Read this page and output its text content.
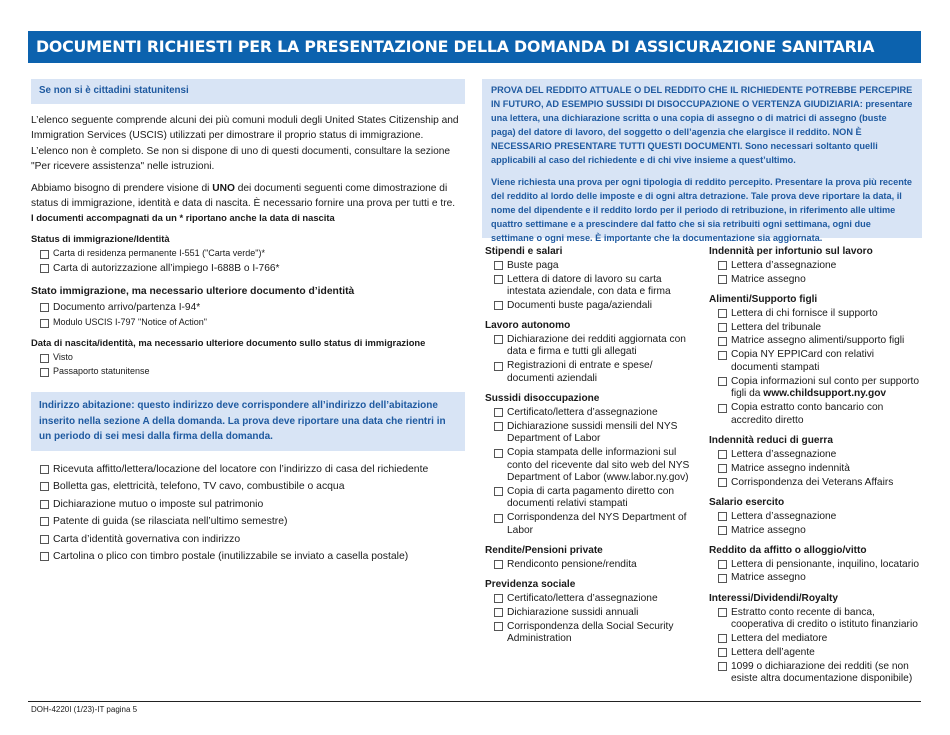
DOCUMENTI RICHIESTI PER LA PRESENTAZIONE DELLA DOMANDA DI ASSICURAZIONE SANITARIA
Se non si è cittadini statunitensi

L’elenco seguente comprende alcuni dei più comuni moduli degli United States Citizenship and Immigration Services (USCIS) utilizzati per dimostrare il proprio status di immigrazione.

L’elenco non è completo. Se non si dispone di uno di questi documenti, consultare la sezione "Per ricevere assistenza" nelle istruzioni.

Abbiamo bisogno di prendere visione di UNO dei documenti seguenti come dimostrazione di status di immigrazione, identità e data di nascita. È necessario fornire una prova per tutti e tre.

I documenti accompagnati da un * riportano anche la data di nascita

Status di immigrazione/Identità
Carta di residenza permanente I-551 ("Carta verde")*
Carta di autorizzazione all’impiego I-688B o I-766*
Stato immigrazione, ma necessario ulteriore documento d’identità
Documento arrivo/partenza I-94*
Modulo USCIS I-797 "Notice of Action"
Data di nascita/identità, ma necessario ulteriore documento sullo status di immigrazione
Visto
Passaporto statunitense
Indirizzo abitazione: questo indirizzo deve corrispondere all’indirizzo dell’abitazione inserito nella sezione A della domanda. La prova deve riportare una data che rientri in un periodo di sei mesi dalla firma della domanda.
Ricevuta affitto/lettera/locazione del locatore con l’indirizzo di casa del richiedente
Bolletta gas, elettricità, telefono, TV cavo, combustibile o acqua
Dichiarazione mutuo o imposte sul patrimonio
Patente di guida (se rilasciata nell’ultimo semestre)
Carta d’identità governativa con indirizzo
Cartolina o plico con timbro postale (inutilizzabile se inviato a casella postale)

PROVA DEL REDDITO ATTUALE O DEL REDDITO CHE IL RICHIEDENTE POTREBBE PERCEPIRE IN FUTURO, AD ESEMPIO SUSSIDI DI DISOCCUPAZIONE O VERTENZA GIUDIZIARIA: presentare una lettera, una dichiarazione scritta o una copia di assegno o di matrici di assegno (buste paga) del datore di lavoro, del soggetto o dell’agenzia che elargisce il reddito. NON È NECESSARIO PRESENTARE TUTTI QUESTI DOCUMENTI. Sono necessari soltanto quelli applicabili al caso del richiedente e di chi vive insieme a quest’ultimo.

Viene richiesta una prova per ogni tipologia di reddito percepito. Presentare la prova più recente del reddito al lordo delle imposte e di ogni altra detrazione. Tale prova deve riportare la data, il nome del dipendente e il reddito lordo per il periodo di retribuzione, in riferimento alle ultime quattro settimane e a prescindere dal fatto che si sia retribuiti ogni settimana, ogni due settimane o ogni mese. È importante che la documentazione sia aggiornata.

Stipendi e salari
Buste paga
Lettera di datore di lavoro su carta intestata aziendale, con data e firma
Documenti buste paga/aziendali
Lavoro autonomo
Dichiarazione dei redditi aggiornata con data e firma e tutti gli allegati
Registrazioni di entrate e spese/ documenti aziendali
Sussidi disoccupazione
Certificato/lettera d’assegnazione
Dichiarazione sussidi mensili del NYS Department of Labor
Copia stampata delle informazioni sul conto del ricevente dal sito web del NYS Department of Labor (www.labor.ny.gov)
Copia di carta pagamento diretto con documenti relativi stampati
Corrispondenza del NYS Department of Labor
Rendite/Pensioni private
Rendiconto pensione/rendita
Previdenza sociale
Certificato/lettera d’assegnazione
Dichiarazione sussidi annuali
Corrispondenza della Social Security Administration
Indennità per infortunio sul lavoro
Lettera d’assegnazione
Matrice assegno
Alimenti/Supporto figli
Lettera di chi fornisce il supporto
Lettera del tribunale
Matrice assegno alimenti/supporto figli
Copia NY EPPICard con relativi documenti stampati
Copia informazioni sul conto per supporto figli da www.childsupport.ny.gov
Copia estratto conto bancario con accredito diretto
Indennità reduci di guerra
Lettera d’assegnazione
Matrice assegno indennità
Corrispondenza dei Veterans Affairs
Salario esercito
Lettera d’assegnazione
Matrice assegno
Reddito da affitto o alloggio/vitto
Lettera di pensionante, inquilino, locatario
Matrice assegno
Interessi/Dividendi/Royalty
Estratto conto recente di banca, cooperativa di credito o istituto finanziario
Lettera del mediatore
Lettera dell’agente
1099 o dichiarazione dei redditi (se non esiste altra documentazione disponibile)
DOH-4220I (1/23)-IT pagina 5
